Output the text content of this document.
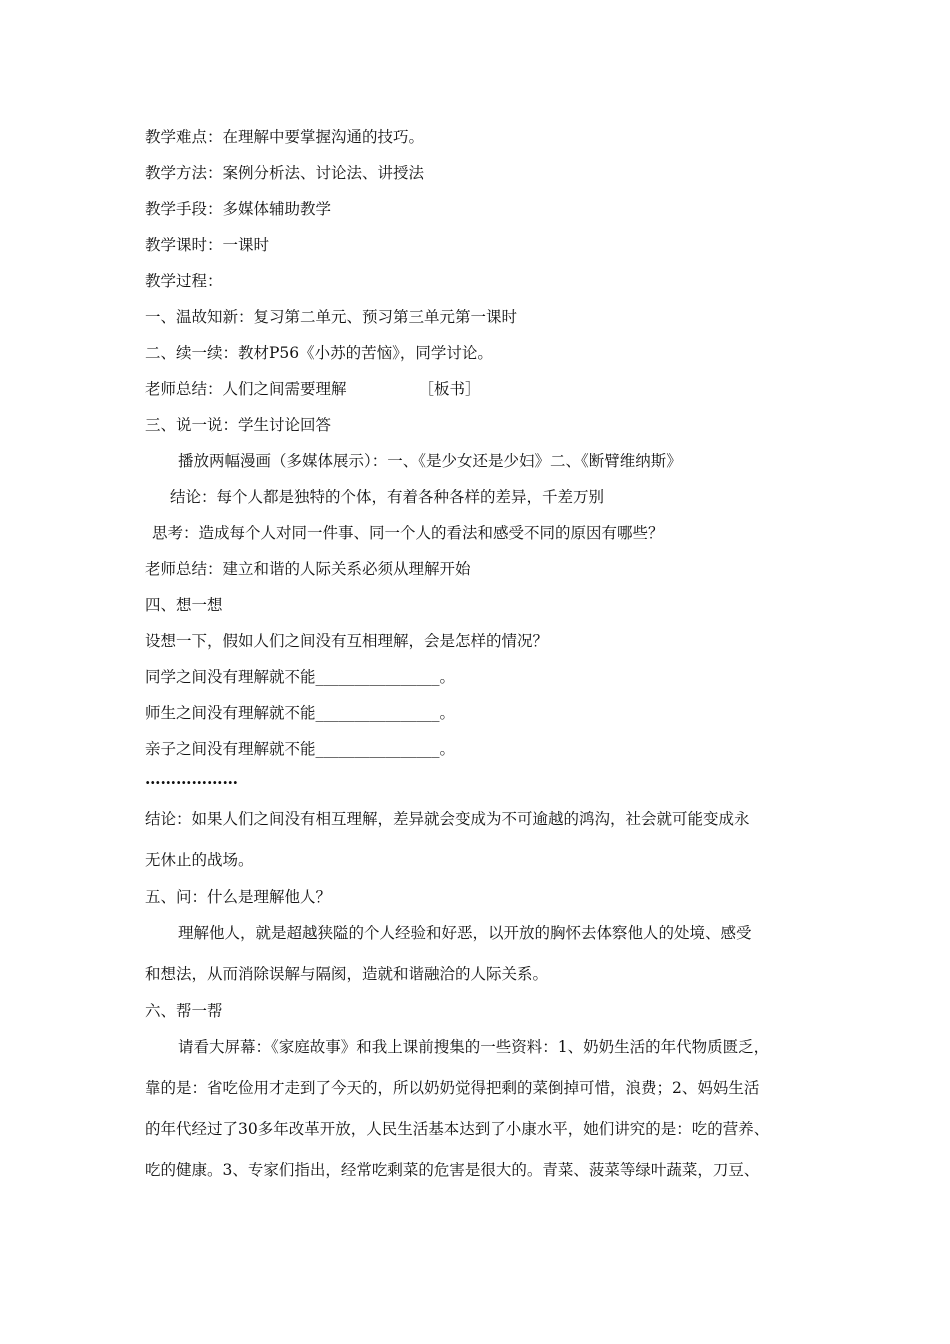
教学难点：在理解中要掌握沟通的技巧。
教学方法：案例分析法、讨论法、讲授法
教学手段：多媒体辅助教学
教学课时：一课时
教学过程：
一、温故知新：复习第二单元、预习第三单元第一课时
二、续一续：教材P56《小苏的苦恼》，同学讨论。
老师总结：人们之间需要理解	［板书］
三、说一说：学生讨论回答
播放两幅漫画（多媒体展示）：一、《是少女还是少妇》二、《断臂维纳斯》
结论：每个人都是独特的个体，有着各种各样的差异，千差万别
思考：造成每个人对同一件事、同一个人的看法和感受不同的原因有哪些？
老师总结：建立和谐的人际关系必须从理解开始
四、想一想
设想一下，假如人们之间没有互相理解，会是怎样的情况？
同学之间没有理解就不能________________。
师生之间没有理解就不能________________。
亲子之间没有理解就不能________________。
………………
结论：如果人们之间没有相互理解，差异就会变成为不可逾越的鸿沟，社会就可能变成永
无休止的战场。
五、问：什么是理解他人？
理解他人，就是超越狭隘的个人经验和好恶，以开放的胸怀去体察他人的处境、感受
和想法，从而消除误解与隔阂，造就和谐融洽的人际关系。
六、帮一帮
请看大屏幕：《家庭故事》和我上课前搜集的一些资料：1、奶奶生活的年代物质匮乏，
靠的是：省吃俭用才走到了今天的，所以奶奶觉得把剩的菜倒掉可惜，浪费；2、妈妈生活
的年代经过了30多年改革开放，人民生活基本达到了小康水平，她们讲究的是：吃的营养、
吃的健康。3、专家们指出，经常吃剩菜的危害是很大的。青菜、菠菜等绿叶蔬菜，刀豆、
